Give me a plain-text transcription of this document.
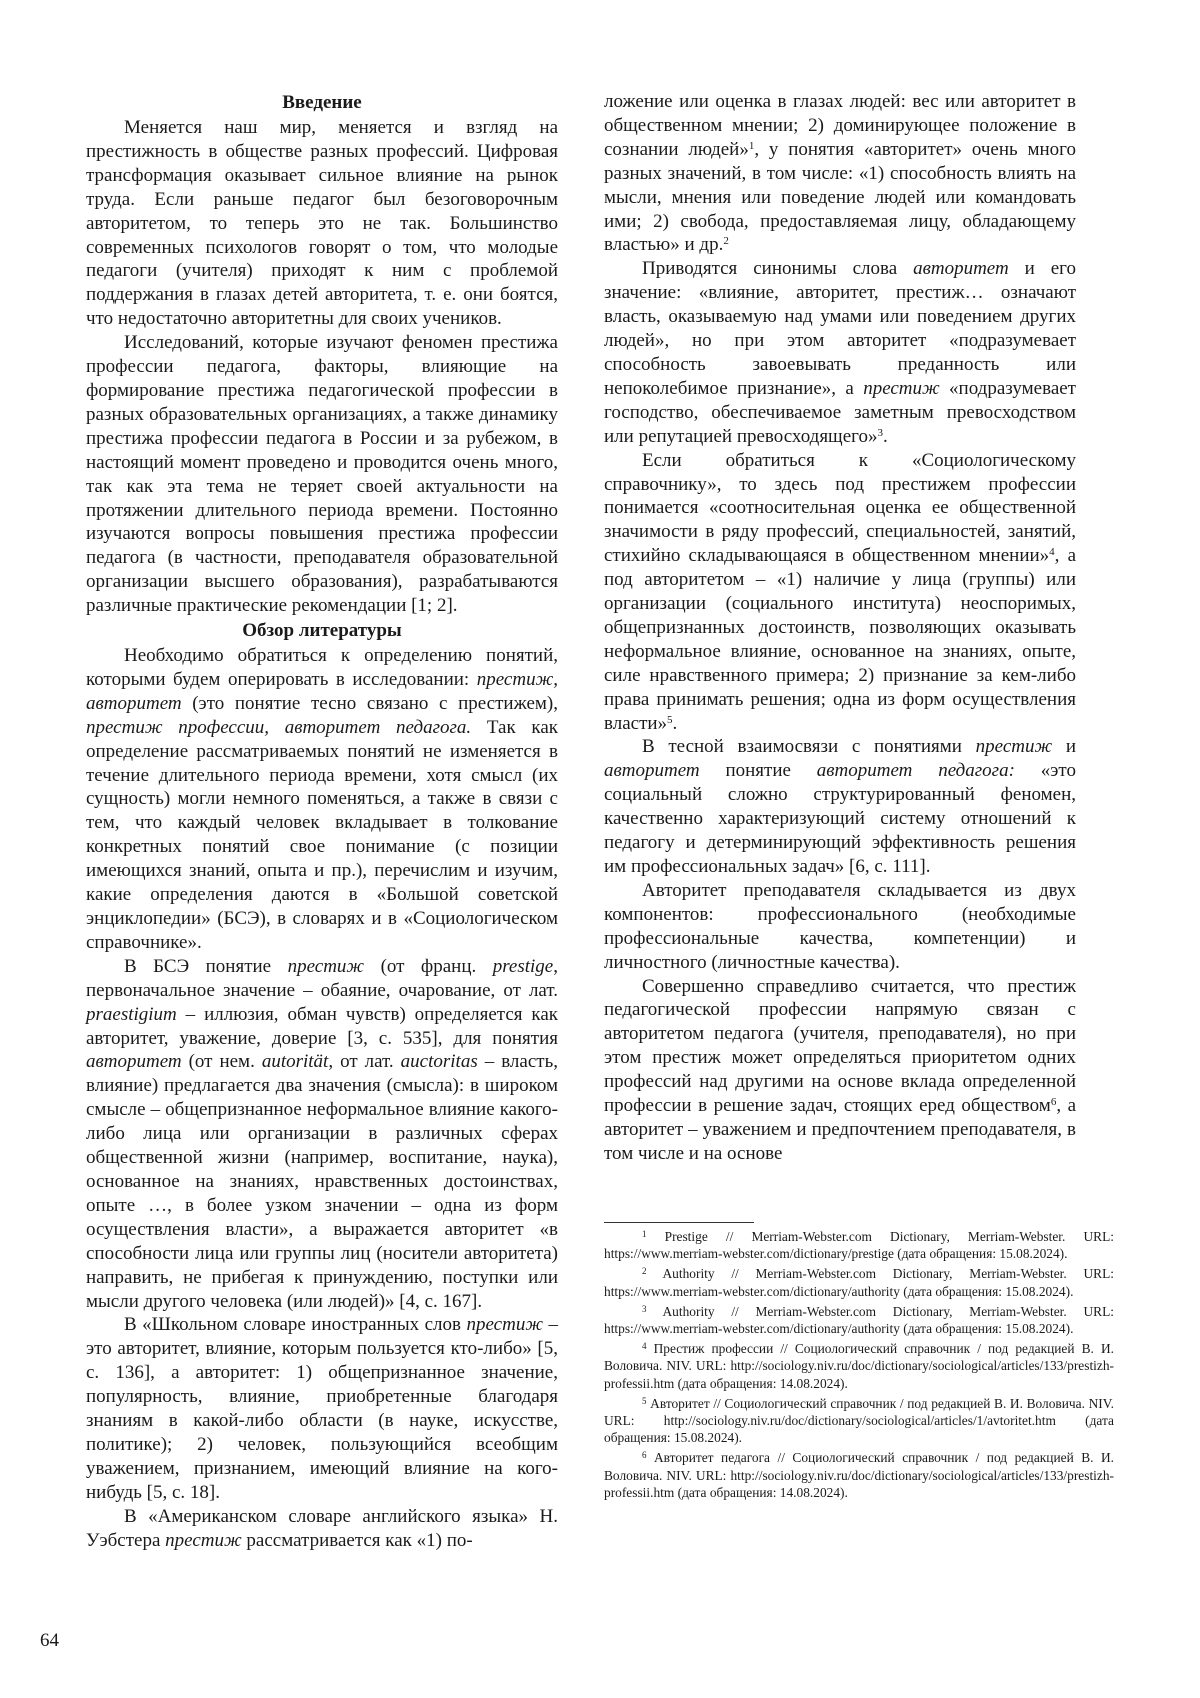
Введение

Меняется наш мир, меняется и взгляд на престижность в обществе разных профессий. Цифровая трансформация оказывает сильное влияние на рынок труда. Если раньше педагог был безоговорочным авторитетом, то теперь это не так. Большинство современных психологов говорят о том, что молодые педагоги (учителя) приходят к ним с проблемой поддержания в глазах детей авторитета, т. е. они боятся, что недостаточно авторитетны для своих учеников.

Исследований, которые изучают феномен престижа профессии педагога, факторы, влияющие на формирование престижа педагогической профессии в разных образовательных организациях, а также динамику престижа профессии педагога в России и за рубежом, в настоящий момент проведено и проводится очень много, так как эта тема не теряет своей актуальности на протяжении длительного периода времени. Постоянно изучаются вопросы повышения престижа профессии педагога (в частности, преподавателя образовательной организации высшего образования), разрабатываются различные практические рекомендации [1; 2].

Обзор литературы

Необходимо обратиться к определению понятий, которыми будем оперировать в исследовании: престиж, авторитет (это понятие тесно связано с престижем), престиж профессии, авторитет педагога. Так как определение рассматриваемых понятий не изменяется в течение длительного периода времени, хотя смысл (их сущность) могли немного поменяться, а также в связи с тем, что каждый человек вкладывает в толкование конкретных понятий свое понимание (с позиции имеющихся знаний, опыта и пр.), перечислим и изучим, какие определения даются в «Большой советской энциклопедии» (БСЭ), в словарях и в «Социологическом справочнике».

В БСЭ понятие престиж (от франц. prestige, первоначальное значение – обаяние, очарование, от лат. praestigium – иллюзия, обман чувств) определяется как авторитет, уважение, доверие [3, с. 535], для понятия авторитет (от нем. autorität, от лат. auctoritas – власть, влияние) предлагается два значения (смысла): в широком смысле – общепризнанное неформальное влияние какого-либо лица или организации в различных сферах общественной жизни (например, воспитание, наука), основанное на знаниях, нравственных достоинствах, опыте …, в более узком значении – одна из форм осуществления власти», а выражается авторитет «в способности лица или группы лиц (носители авторитета) направить, не прибегая к принуждению, поступки или мысли другого человека (или людей)» [4, с. 167].

В «Школьном словаре иностранных слов престиж – это авторитет, влияние, которым пользуется кто-либо» [5, с. 136], а авторитет: 1) общепризнанное значение, популярность, влияние, приобретенные благодаря знаниям в какой-либо области (в науке, искусстве, политике); 2) человек, пользующийся всеобщим уважением, признанием, имеющий влияние на кого-нибудь [5, с. 18].

В «Американском словаре английского языка» Н. Уэбстера престиж рассматривается как «1) по-

ложение или оценка в глазах людей: вес или авторитет в общественном мнении; 2) доминирующее положение в сознании людей»$^1$, у понятия «авторитет» очень много разных значений, в том числе: «1) способность влиять на мысли, мнения или поведение людей или командовать ими; 2) свобода, предоставляемая лицу, обладающему властью» и др.$^2$

Приводятся синонимы слова авторитет и его значение: «влияние, авторитет, престиж… означают власть, оказываемую над умами или поведением других людей», но при этом авторитет «подразумевает способность завоевывать преданность или непоколебимое признание», а престиж «подразумевает господство, обеспечиваемое заметным превосходством или репутацией превосходящего»$^3$.

Если обратиться к «Социологическому справочнику», то здесь под престижем профессии понимается «соотносительная оценка ее общественной значимости в ряду профессий, специальностей, занятий, стихийно складывающаяся в общественном мнении»$^4$, а под авторитетом – «1) наличие у лица (группы) или организации (социального института) неоспоримых, общепризнанных достоинств, позволяющих оказывать неформальное влияние, основанное на знаниях, опыте, силе нравственного примера; 2) признание за кем-либо права принимать решения; одна из форм осуществления власти»$^5$.

В тесной взаимосвязи с понятиями престиж и авторитет понятие авторитет педагога: «это социальный сложно структурированный феномен, качественно характеризующий систему отношений к педагогу и детерминирующий эффективность решения им профессиональных задач» [6, с. 111].

Авторитет преподавателя складывается из двух компонентов: профессионального (необходимые профессиональные качества, компетенции) и личностного (личностные качества).

Совершенно справедливо считается, что престиж педагогической профессии напрямую связан с авторитетом педагога (учителя, преподавателя), но при этом престиж может определяться приоритетом одних профессий над другими на основе вклада определенной профессии в решение задач, стоящих еред обществом$^6$, а авторитет – уважением и предпочтением преподавателя, в том числе и на основе

$^1$ Prestige // Merriam-Webster.com Dictionary, Merriam-Webster. URL: https://www.merriam-webster.com/dictionary/prestige (дата обращения: 15.08.2024).

$^2$ Authority // Merriam-Webster.com Dictionary, Merriam-Webster. URL: https://www.merriam-webster.com/dictionary/authority (дата обращения: 15.08.2024).

$^3$ Authority // Merriam-Webster.com Dictionary, Merriam-Webster. URL: https://www.merriam-webster.com/dictionary/authority (дата обращения: 15.08.2024).

$^4$ Престиж профессии // Социологический справочник / под редакцией В. И. Воловича. NIV. URL: http://sociology.niv.ru/doc/dictionary/sociological/articles/133/prestizh-professii.htm (дата обращения: 14.08.2024).

$^5$ Авторитет // Социологический справочник / под редакцией В. И. Воловича. NIV. URL: http://sociology.niv.ru/doc/dictionary/sociological/articles/1/avtoritet.htm (дата обращения: 15.08.2024).

$^6$ Авторитет педагога // Социологический справочник / под редакцией В. И. Воловича. NIV. URL: http://sociology.niv.ru/doc/dictionary/sociological/articles/133/prestizh-professii.htm (дата обращения: 14.08.2024).

64
